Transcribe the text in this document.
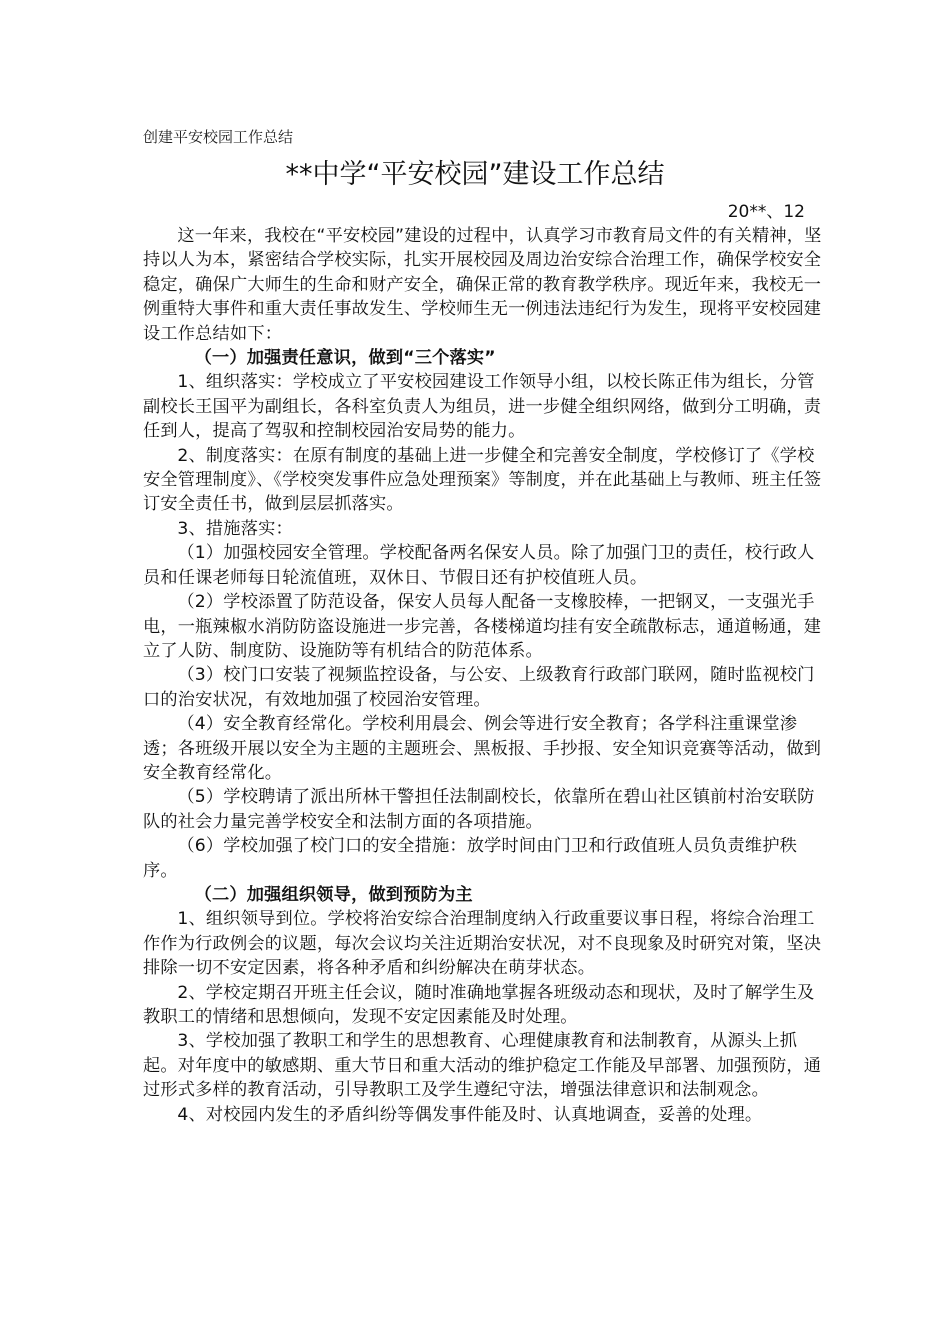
创建平安校园工作总结
**中学“平安校园”建设工作总结
20**、12

这一年来，我校在“平安校园”建设的过程中，认真学习市教育局文件的有关精神，坚持以人为本，紧密结合学校实际，扎实开展校园及周边治安综合治理工作，确保学校安全稳定，确保广大师生的生命和财产安全，确保正常的教育教学秩序。现近年来，我校无一例重特大事件和重大责任事故发生、学校师生无一例违法违纪行为发生，现将平安校园建设工作总结如下：

（一）加强责任意识，做到“三个落实”

1、组织落实：学校成立了平安校园建设工作领导小组，以校长陈正伟为组长，分管副校长王国平为副组长，各科室负责人为组员，进一步健全组织网络，做到分工明确，责任到人，提高了驾驭和控制校园治安局势的能力。

2、制度落实：在原有制度的基础上进一步健全和完善安全制度，学校修订了《学校安全管理制度》、《学校突发事件应急处理预案》等制度，并在此基础上与教师、班主任签订安全责任书，做到层层抓落实。

3、措施落实：

（1）加强校园安全管理。学校配备两名保安人员。除了加强门卫的责任，校行政人员和任课老师每日轮流值班，双休日、节假日还有护校值班人员。

（2）学校添置了防范设备，保安人员每人配备一支橡胶棒，一把钢叉，一支强光手电，一瓶辣椒水消防防盗设施进一步完善，各楼梯道均挂有安全疏散标志，通道畅通，建立了人防、制度防、设施防等有机结合的防范体系。

（3）校门口安装了视频监控设备，与公安、上级教育行政部门联网，随时监视校门口的治安状况，有效地加强了校园治安管理。

（4）安全教育经常化。学校利用晨会、例会等进行安全教育；各学科注重课堂渗透；各班级开展以安全为主题的主题班会、黑板报、手抄报、安全知识竞赛等活动，做到安全教育经常化。

（5）学校聘请了派出所林干警担任法制副校长，依靠所在碧山社区镇前村治安联防队的社会力量完善学校安全和法制方面的各项措施。

（6）学校加强了校门口的安全措施：放学时间由门卫和行政值班人员负责维护秩序。

（二）加强组织领导，做到预防为主

1、组织领导到位。学校将治安综合治理制度纳入行政重要议事日程，将综合治理工作作为行政例会的议题，每次会议均关注近期治安状况，对不良现象及时研究对策，坚决排除一切不安定因素，将各种矛盾和纠纷解决在萌芽状态。

2、学校定期召开班主任会议，随时准确地掌握各班级动态和现状，及时了解学生及教职工的情绪和思想倾向，发现不安定因素能及时处理。

3、学校加强了教职工和学生的思想教育、心理健康教育和法制教育，从源头上抓起。对年度中的敏感期、重大节日和重大活动的维护稳定工作能及早部署、加强预防，通过形式多样的教育活动，引导教职工及学生遵纪守法，增强法律意识和法制观念。

4、对校园内发生的矛盾纠纷等偶发事件能及时、认真地调查，妥善的处理。
